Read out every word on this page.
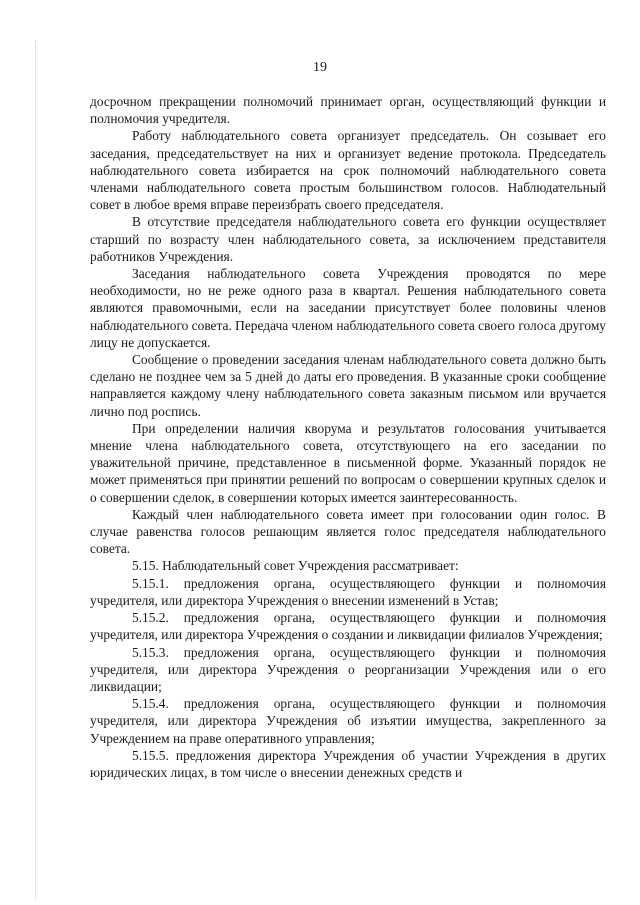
19

досрочном прекращении полномочий принимает орган, осуществляющий функции и полномочия учредителя.

Работу наблюдательного совета организует председатель. Он созывает его заседания, председательствует на них и организует ведение протокола. Председатель наблюдательного совета избирается на срок полномочий наблюдательного совета членами наблюдательного совета простым большинством голосов. Наблюдательный совет в любое время вправе переизбрать своего председателя.

В отсутствие председателя наблюдательного совета его функции осуществляет старший по возрасту член наблюдательного совета, за исключением представителя работников Учреждения.

Заседания наблюдательного совета Учреждения проводятся по мере необходимости, но не реже одного раза в квартал. Решения наблюдательного совета являются правомочными, если на заседании присутствует более половины членов наблюдательного совета. Передача членом наблюдательного совета своего голоса другому лицу не допускается.

Сообщение о проведении заседания членам наблюдательного совета должно быть сделано не позднее чем за 5 дней до даты его проведения. В указанные сроки сообщение направляется каждому члену наблюдательного совета заказным письмом или вручается лично под роспись.

При определении наличия кворума и результатов голосования учитывается мнение члена наблюдательного совета, отсутствующего на его заседании по уважительной причине, представленное в письменной форме. Указанный порядок не может применяться при принятии решений по вопросам о совершении крупных сделок и о совершении сделок, в совершении которых имеется заинтересованность.

Каждый член наблюдательного совета имеет при голосовании один голос. В случае равенства голосов решающим является голос председателя наблюдательного совета.

5.15. Наблюдательный совет Учреждения рассматривает:

5.15.1. предложения органа, осуществляющего функции и полномочия учредителя, или директора Учреждения о внесении изменений в Устав;

5.15.2. предложения органа, осуществляющего функции и полномочия учредителя, или директора Учреждения о создании и ликвидации филиалов Учреждения;

5.15.3. предложения органа, осуществляющего функции и полномочия учредителя, или директора Учреждения о реорганизации Учреждения или о его ликвидации;

5.15.4. предложения органа, осуществляющего функции и полномочия учредителя, или директора Учреждения об изъятии имущества, закрепленного за Учреждением на праве оперативного управления;

5.15.5. предложения директора Учреждения об участии Учреждения в других юридических лицах, в том числе о внесении денежных средств и
